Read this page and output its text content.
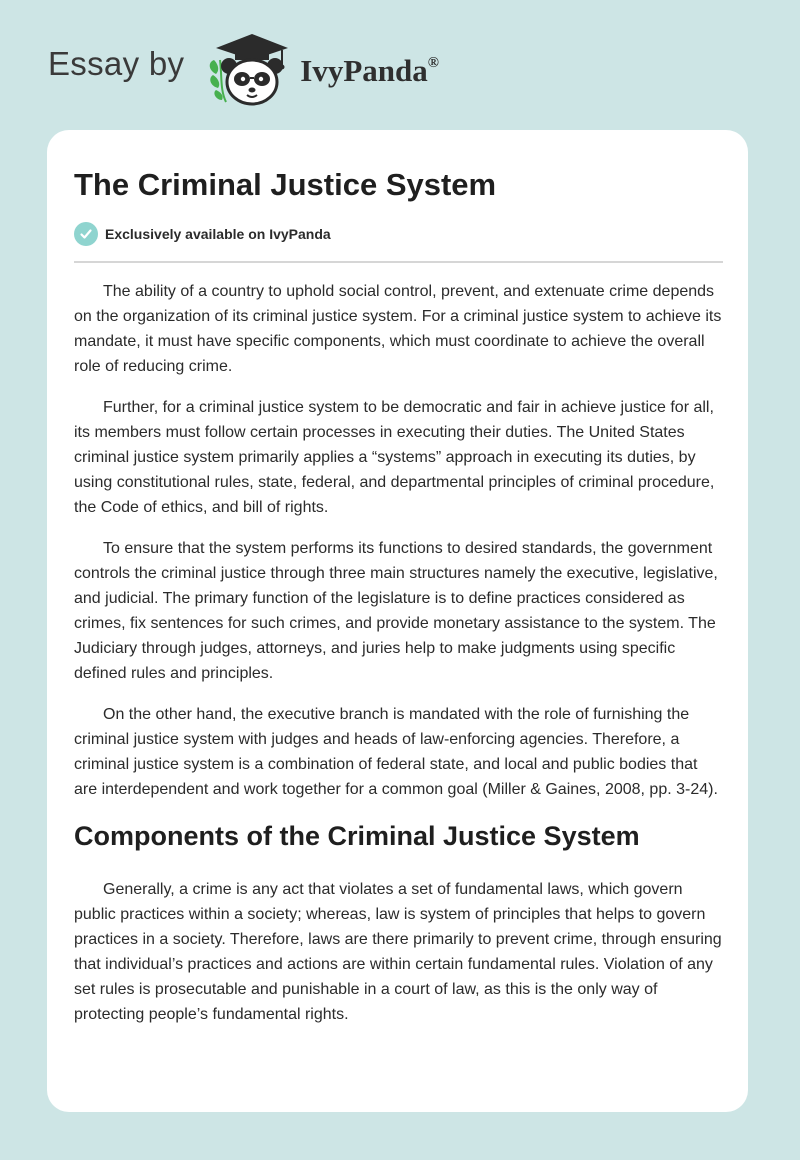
Essay by	IvyPanda®
The Criminal Justice System
Exclusively available on IvyPanda

The ability of a country to uphold social control, prevent, and extenuate crime depends on the organization of its criminal justice system. For a criminal justice system to achieve its mandate, it must have specific components, which must coordinate to achieve the overall role of reducing crime.

Further, for a criminal justice system to be democratic and fair in achieve justice for all, its members must follow certain processes in executing their duties. The United States criminal justice system primarily applies a “systems” approach in executing its duties, by using constitutional rules, state, federal, and departmental principles of criminal procedure, the Code of ethics, and bill of rights.

To ensure that the system performs its functions to desired standards, the government controls the criminal justice through three main structures namely the executive, legislative, and judicial. The primary function of the legislature is to define practices considered as crimes, fix sentences for such crimes, and provide monetary assistance to the system. The Judiciary through judges, attorneys, and juries help to make judgments using specific defined rules and principles.

On the other hand, the executive branch is mandated with the role of furnishing the criminal justice system with judges and heads of law-enforcing agencies. Therefore, a criminal justice system is a combination of federal state, and local and public bodies that are interdependent and work together for a common goal (Miller & Gaines, 2008, pp. 3-24).

Components of the Criminal Justice System

Generally, a crime is any act that violates a set of fundamental laws, which govern public practices within a society; whereas, law is system of principles that helps to govern practices in a society. Therefore, laws are there primarily to prevent crime, through ensuring that individual’s practices and actions are within certain fundamental rules. Violation of any set rules is prosecutable and punishable in a court of law, as this is the only way of protecting people’s fundamental rights.
